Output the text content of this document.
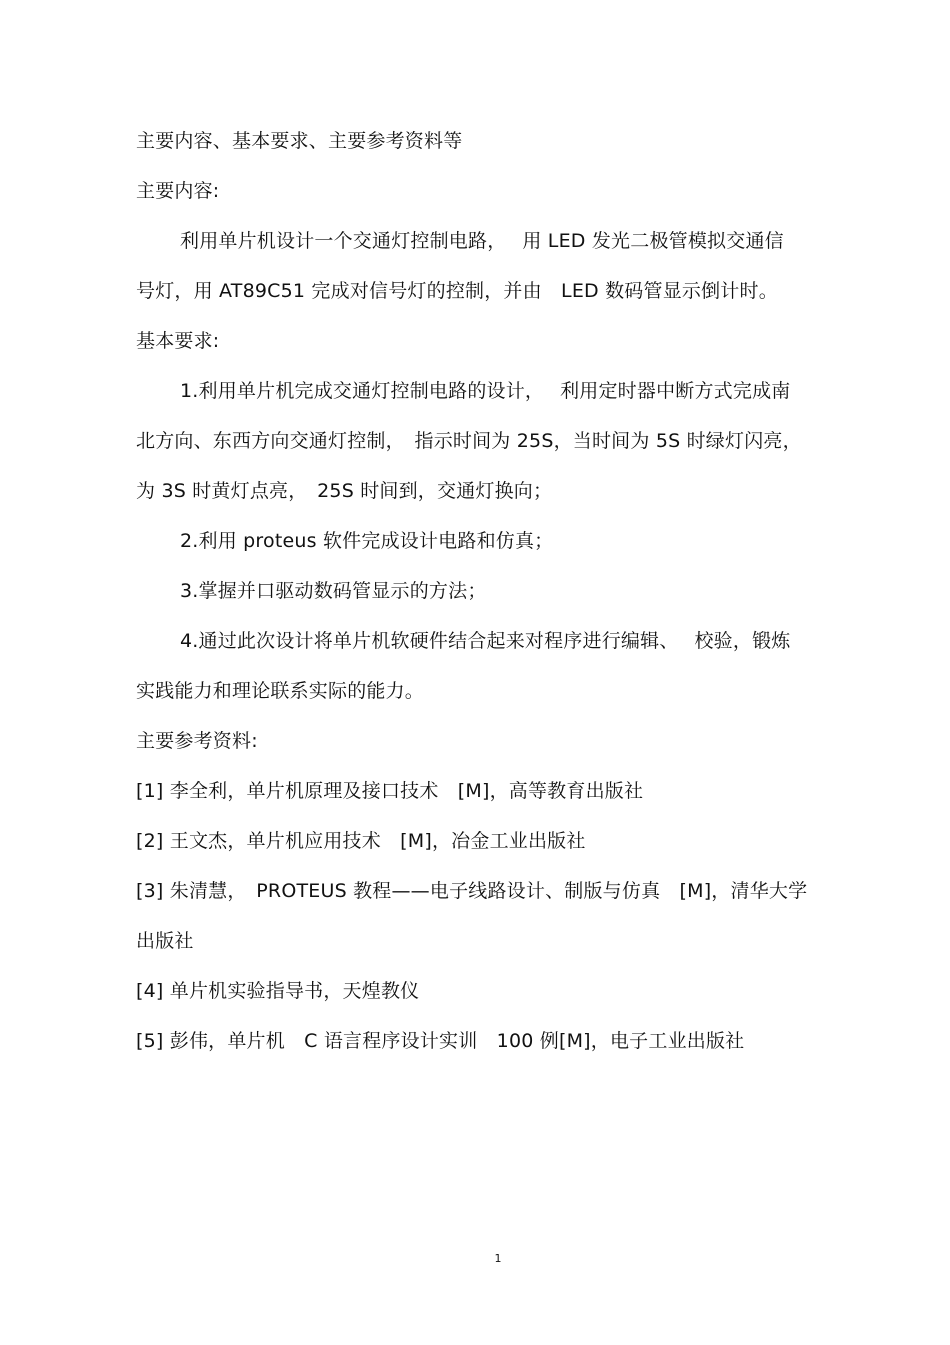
主要内容、基本要求、主要参考资料等
主要内容:
利用单片机设计一个交通灯控制电路，　 用 LED 发光二极管模拟交通信
号灯，用 AT89C51 完成对信号灯的控制，并由　LED 数码管显示倒计时。
基本要求:
1.利用单片机完成交通灯控制电路的设计，　 利用定时器中断方式完成南
北方向、东西方向交通灯控制，　指示时间为 25S，当时间为 5S 时绿灯闪亮，
为 3S 时黄灯点亮，　25S 时间到，交通灯换向；
2.利用 proteus 软件完成设计电路和仿真；
3.掌握并口驱动数码管显示的方法；
4.通过此次设计将单片机软硬件结合起来对程序进行编辑、　 校验，锻炼
实践能力和理论联系实际的能力。
主要参考资料:
[1] 李全利，单片机原理及接口技术　[M]，高等教育出版社
[2] 王文杰，单片机应用技术　[M]，冶金工业出版社
[3] 朱清慧，　PROTEUS 教程——电子线路设计、制版与仿真　[M]，清华大学
出版社
[4] 单片机实验指导书，天煌教仪
[5] 彭伟，单片机　C 语言程序设计实训　100 例[M]，电子工业出版社
1
